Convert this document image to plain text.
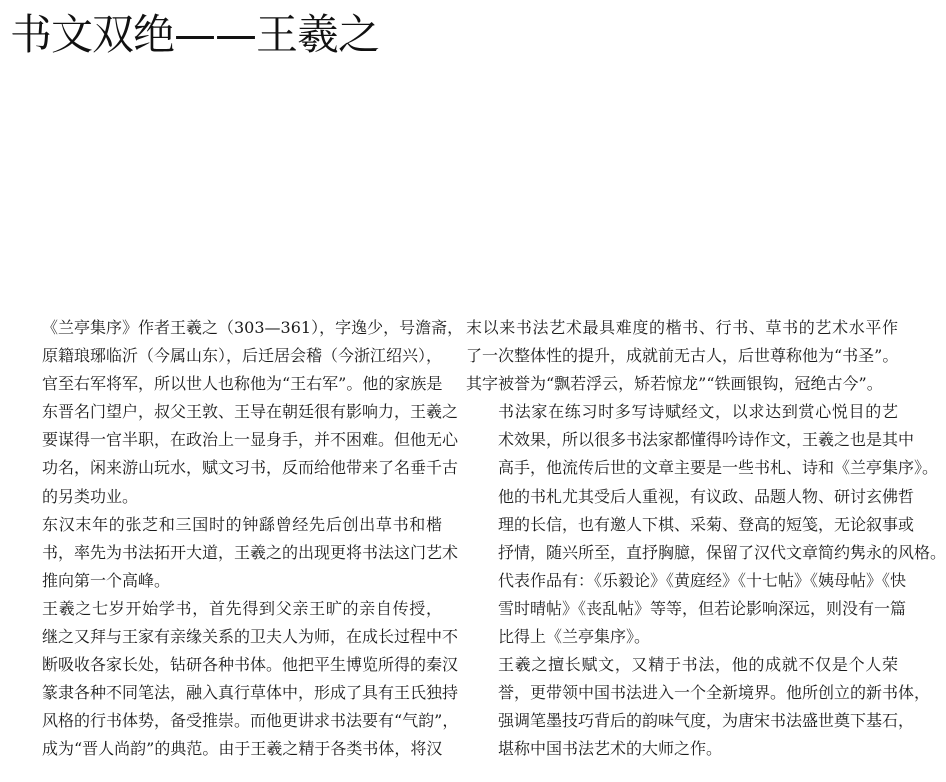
书文双绝——王羲之

《兰亭集序》作者王羲之（303—361），字逸少，号澹斋，
原籍琅琊临沂（今属山东），后迁居会稽（今浙江绍兴），
官至右军将军，所以世人也称他为“王右军”。他的家族是
东晋名门望户，叔父王敦、王导在朝廷很有影响力，王羲之
要谋得一官半职，在政治上一显身手，并不困难。但他无心
功名，闲来游山玩水，赋文习书，反而给他带来了名垂千古
的另类功业。

东汉末年的张芝和三国时的钟繇曾经先后创出草书和楷
书，率先为书法拓开大道，王羲之的出现更将书法这门艺术
推向第一个高峰。

王羲之七岁开始学书，首先得到父亲王旷的亲自传授，
继之又拜与王家有亲缘关系的卫夫人为师，在成长过程中不
断吸收各家长处，钻研各种书体。他把平生博览所得的秦汉
篆隶各种不同笔法，融入真行草体中，形成了具有王氏独持
风格的行书体势，备受推崇。而他更讲求书法要有“气韵”，
成为“晋人尚韵”的典范。由于王羲之精于各类书体，将汉

末以来书法艺术最具难度的楷书、行书、草书的艺术水平作
了一次整体性的提升，成就前无古人，后世尊称他为“书圣”。
其字被誉为“飘若浮云，矫若惊龙”“铁画银钩，冠绝古今”。

书法家在练习时多写诗赋经文，以求达到赏心悦目的艺
术效果，所以很多书法家都懂得吟诗作文，王羲之也是其中
高手，他流传后世的文章主要是一些书札、诗和《兰亭集序》。
他的书札尤其受后人重视，有议政、品题人物、研讨玄佛哲
理的长信，也有邀人下棋、采菊、登高的短笺，无论叙事或
抒情，随兴所至，直抒胸臆，保留了汉代文章简约隽永的风格。
代表作品有：《乐毅论》《黄庭经》《十七帖》《姨母帖》《快
雪时晴帖》《丧乱帖》等等，但若论影响深远，则没有一篇
比得上《兰亭集序》。

王羲之擅长赋文，又精于书法，他的成就不仅是个人荣
誉，更带领中国书法进入一个全新境界。他所创立的新书体，
强调笔墨技巧背后的韵味气度，为唐宋书法盛世奠下基石，
堪称中国书法艺术的大师之作。
